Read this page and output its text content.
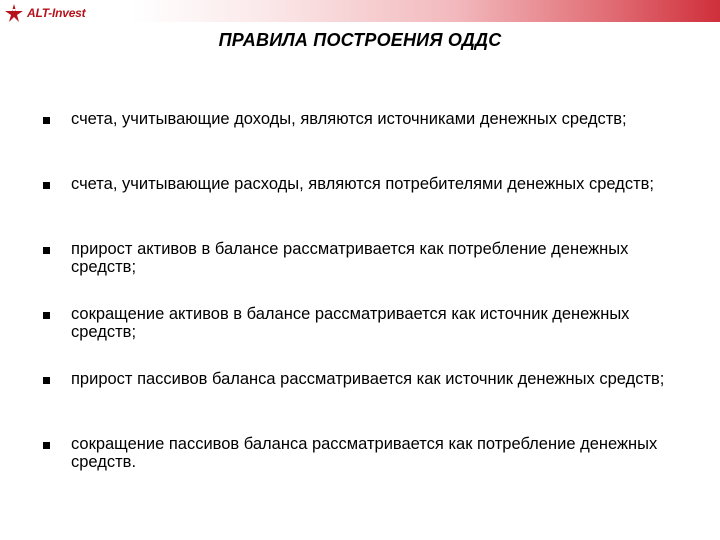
ALT-Invest
ПРАВИЛА ПОСТРОЕНИЯ ОДДС
счета, учитывающие доходы, являются источниками денежных средств;
счета, учитывающие расходы, являются потребителями денежных средств;
прирост активов в балансе рассматривается как потребление денежных средств;
сокращение активов в балансе рассматривается как источник денежных средств;
прирост пассивов баланса рассматривается как источник денежных средств;
сокращение пассивов баланса рассматривается как потребление денежных средств.
